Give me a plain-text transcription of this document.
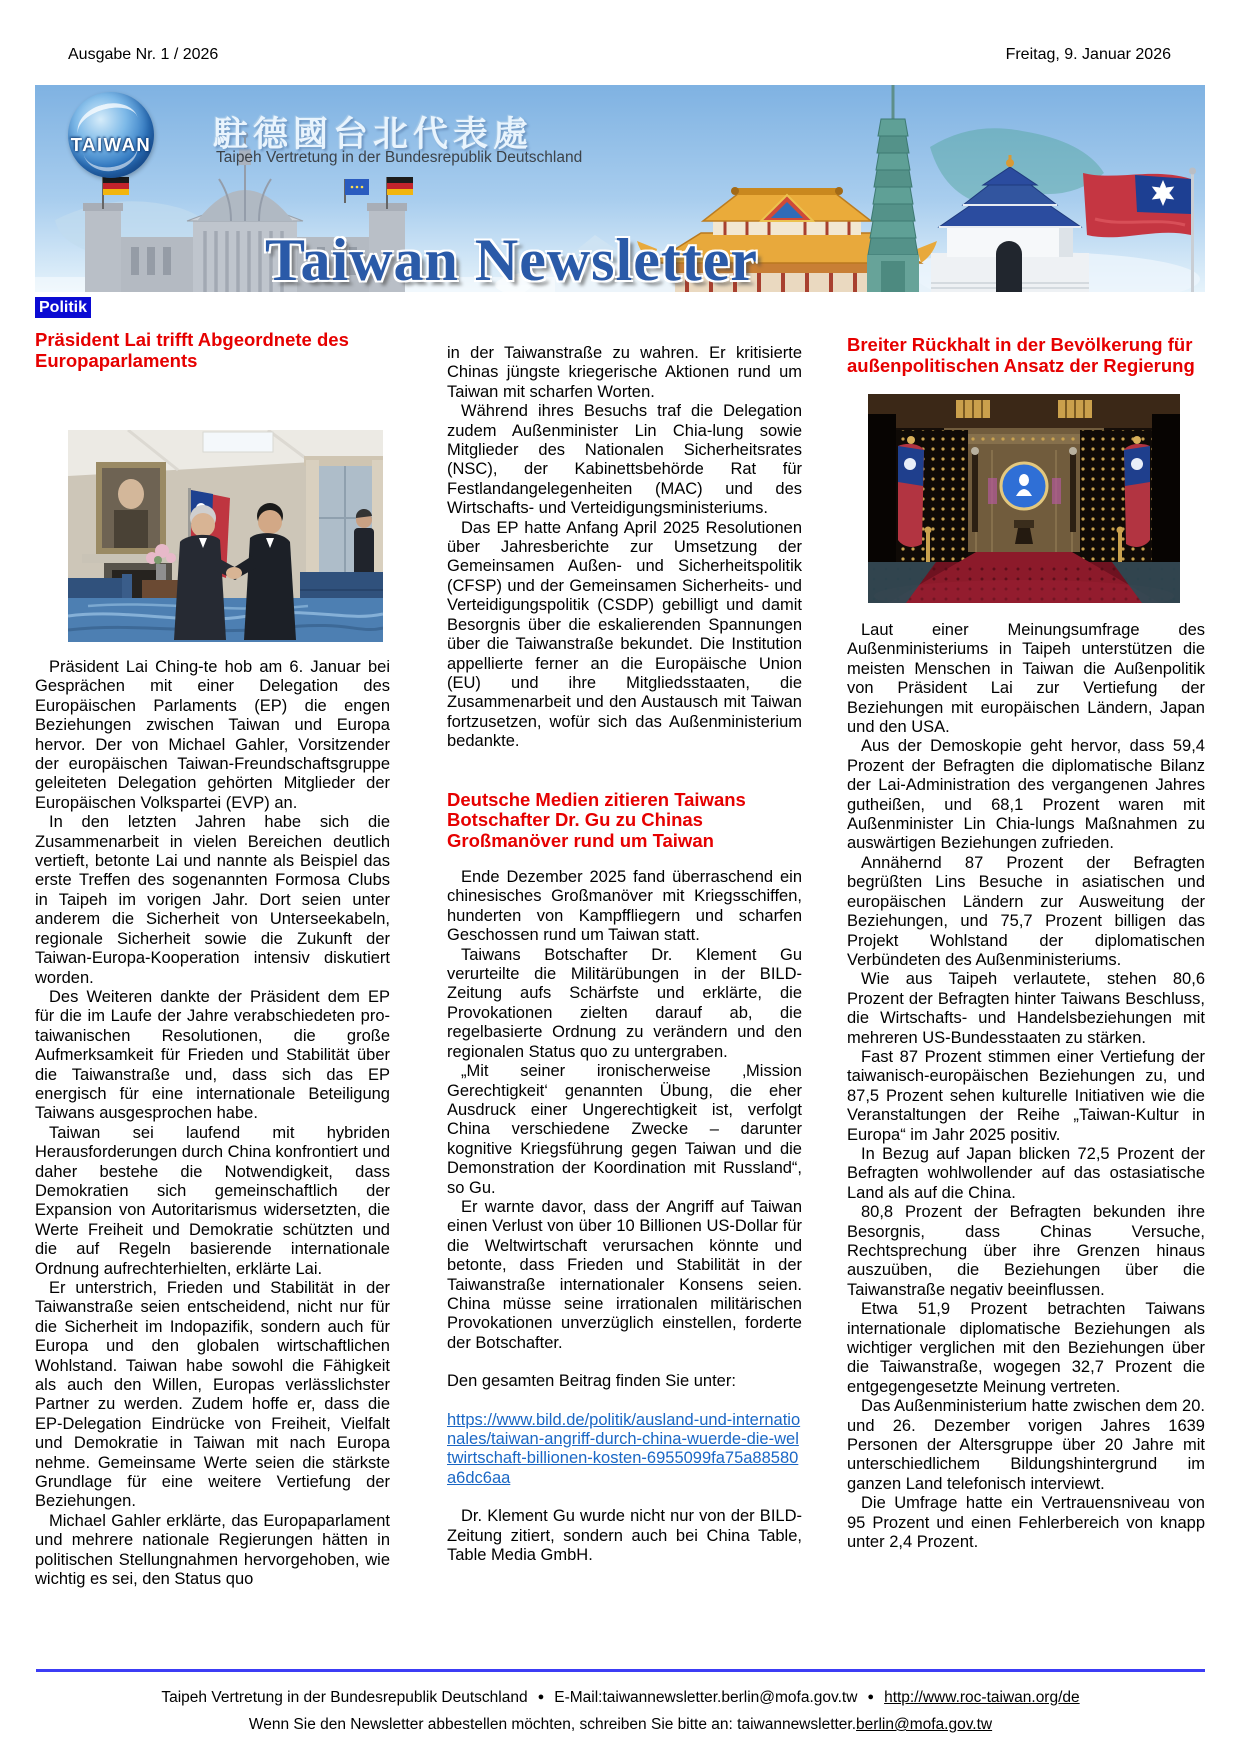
Ausgabe Nr. 1 / 2026	Freitag, 9. Januar 2026
TAIWAN 駐德國台北代表處
Taipeh Vertretung in der Bundesrepublik Deutschland
Taiwan Newsletter
Politik
Präsident Lai trifft Abgeordnete des Europaparlaments

Präsident Lai Ching-te hob am 6. Januar bei Gesprächen mit einer Delegation des Europäischen Parlaments (EP) die engen Beziehungen zwischen Taiwan und Europa hervor. Der von Michael Gahler, Vorsitzender der europäischen Taiwan-Freundschaftsgruppe geleiteten Delegation gehörten Mitglieder der Europäischen Volkspartei (EVP) an.

In den letzten Jahren habe sich die Zusammenarbeit in vielen Bereichen deutlich vertieft, betonte Lai und nannte als Beispiel das erste Treffen des sogenannten Formosa Clubs in Taipeh im vorigen Jahr. Dort seien unter anderem die Sicherheit von Unterseekabeln, regionale Sicherheit sowie die Zukunft der Taiwan-Europa-Kooperation intensiv diskutiert worden.

Des Weiteren dankte der Präsident dem EP für die im Laufe der Jahre verabschiedeten pro-taiwanischen Resolutionen, die große Aufmerksamkeit für Frieden und Stabilität über die Taiwanstraße und, dass sich das EP energisch für eine internationale Beteiligung Taiwans ausgesprochen habe.

Taiwan sei laufend mit hybriden Herausforderungen durch China konfrontiert und daher bestehe die Notwendigkeit, dass Demokratien sich gemeinschaftlich der Expansion von Autoritarismus widersetzten, die Werte Freiheit und Demokratie schützten und die auf Regeln basierende internationale Ordnung aufrechterhielten, erklärte Lai.

Er unterstrich, Frieden und Stabilität in der Taiwanstraße seien entscheidend, nicht nur für die Sicherheit im Indopazifik, sondern auch für Europa und den globalen wirtschaftlichen Wohlstand. Taiwan habe sowohl die Fähigkeit als auch den Willen, Europas verlässlichster Partner zu werden. Zudem hoffe er, dass die EP-Delegation Eindrücke von Freiheit, Vielfalt und Demokratie in Taiwan mit nach Europa nehme. Gemeinsame Werte seien die stärkste Grundlage für eine weitere Vertiefung der Beziehungen.

Michael Gahler erklärte, das Europaparlament und mehrere nationale Regierungen hätten in politischen Stellungnahmen hervorgehoben, wie wichtig es sei, den Status quo

in der Taiwanstraße zu wahren. Er kritisierte Chinas jüngste kriegerische Aktionen rund um Taiwan mit scharfen Worten.

Während ihres Besuchs traf die Delegation zudem Außenminister Lin Chia-lung sowie Mitglieder des Nationalen Sicherheitsrates (NSC), der Kabinettsbehörde Rat für Festlandangelegenheiten (MAC) und des Wirtschafts- und Verteidigungsministeriums.

Das EP hatte Anfang April 2025 Resolutionen über Jahresberichte zur Umsetzung der Gemeinsamen Außen- und Sicherheitspolitik (CFSP) und der Gemeinsamen Sicherheits- und Verteidigungspolitik (CSDP) gebilligt und damit Besorgnis über die eskalierenden Spannungen über die Taiwanstraße bekundet. Die Institution appellierte ferner an die Europäische Union (EU) und ihre Mitgliedsstaaten, die Zusammenarbeit und den Austausch mit Taiwan fortzusetzen, wofür sich das Außenministerium bedankte.

Deutsche Medien zitieren Taiwans Botschafter Dr. Gu zu Chinas Großmanöver rund um Taiwan

Ende Dezember 2025 fand überraschend ein chinesisches Großmanöver mit Kriegsschiffen, hunderten von Kampffliegern und scharfen Geschossen rund um Taiwan statt.

Taiwans Botschafter Dr. Klement Gu verurteilte die Militärübungen in der BILD-Zeitung aufs Schärfste und erklärte, die Provokationen zielten darauf ab, die regelbasierte Ordnung zu verändern und den regionalen Status quo zu untergraben.

„Mit seiner ironischerweise ‚Mission Gerechtigkeit‘ genannten Übung, die eher Ausdruck einer Ungerechtigkeit ist, verfolgt China verschiedene Zwecke – darunter kognitive Kriegsführung gegen Taiwan und die Demonstration der Koordination mit Russland“, so Gu.

Er warnte davor, dass der Angriff auf Taiwan einen Verlust von über 10 Billionen US-Dollar für die Weltwirtschaft verursachen könnte und betonte, dass Frieden und Stabilität in der Taiwanstraße internationaler Konsens seien. China müsse seine irrationalen militärischen Provokationen unverzüglich einstellen, forderte der Botschafter.

Den gesamten Beitrag finden Sie unter:

https://www.bild.de/politik/ausland-und-internationales/taiwan-angriff-durch-china-wuerde-die-weltwirtschaft-billionen-kosten-6955099fa75a88580a6dc6aa

Dr. Klement Gu wurde nicht nur von der BILD-Zeitung zitiert, sondern auch bei China Table, Table Media GmbH.

Breiter Rückhalt in der Bevölkerung für außenpolitischen Ansatz der Regierung

Laut einer Meinungsumfrage des Außenministeriums in Taipeh unterstützen die meisten Menschen in Taiwan die Außenpolitik von Präsident Lai zur Vertiefung der Beziehungen mit europäischen Ländern, Japan und den USA.

Aus der Demoskopie geht hervor, dass 59,4 Prozent der Befragten die diplomatische Bilanz der Lai-Administration des vergangenen Jahres gutheißen, und 68,1 Prozent waren mit Außenminister Lin Chia-lungs Maßnahmen zu auswärtigen Beziehungen zufrieden.

Annähernd 87 Prozent der Befragten begrüßten Lins Besuche in asiatischen und europäischen Ländern zur Ausweitung der Beziehungen, und 75,7 Prozent billigen das Projekt Wohlstand der diplomatischen Verbündeten des Außenministeriums.

Wie aus Taipeh verlautete, stehen 80,6 Prozent der Befragten hinter Taiwans Beschluss, die Wirtschafts- und Handelsbeziehungen mit mehreren US-Bundesstaaten zu stärken.

Fast 87 Prozent stimmen einer Vertiefung der taiwanisch-europäischen Beziehungen zu, und 87,5 Prozent sehen kulturelle Initiativen wie die Veranstaltungen der Reihe „Taiwan-Kultur in Europa“ im Jahr 2025 positiv.

In Bezug auf Japan blicken 72,5 Prozent der Befragten wohlwollender auf das ostasiatische Land als auf die China.

80,8 Prozent der Befragten bekunden ihre Besorgnis, dass Chinas Versuche, Rechtsprechung über ihre Grenzen hinaus auszuüben, die Beziehungen über die Taiwanstraße negativ beeinflussen.

Etwa 51,9 Prozent betrachten Taiwans internationale diplomatische Beziehungen als wichtiger verglichen mit den Beziehungen über die Taiwanstraße, wogegen 32,7 Prozent die entgegengesetzte Meinung vertreten.

Das Außenministerium hatte zwischen dem 20. und 26. Dezember vorigen Jahres 1639 Personen der Altersgruppe über 20 Jahre mit unterschiedlichem Bildungshintergrund im ganzen Land telefonisch interviewt.

Die Umfrage hatte ein Vertrauensniveau von 95 Prozent und einen Fehlerbereich von knapp unter 2,4 Prozent.

Taipeh Vertretung in der Bundesrepublik Deutschland ● E-Mail:taiwannewsletter.berlin@mofa.gov.tw ● http://www.roc-taiwan.org/de
Wenn Sie den Newsletter abbestellen möchten, schreiben Sie bitte an: taiwannewsletter.berlin@mofa.gov.tw
